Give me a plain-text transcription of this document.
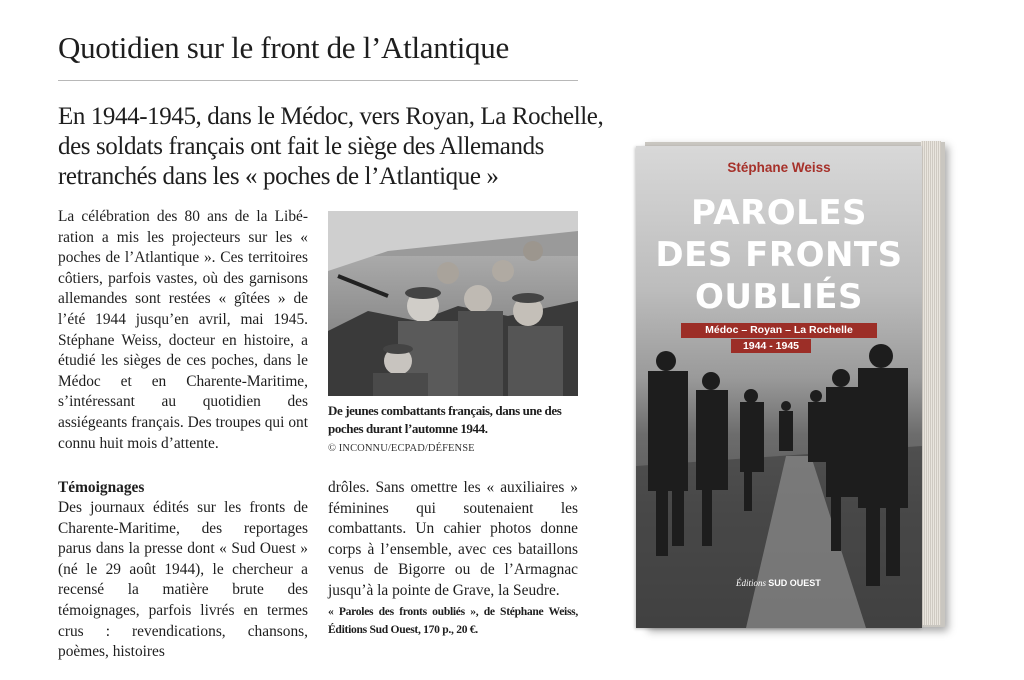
Quotidien sur le front de l’Atlantique

En 1944-1945, dans le Médoc, vers Royan, La Rochelle,
des soldats français ont fait le siège des Allemands
retranchés dans les « poches de l’Atlantique »

La célébration des 80 ans de la Libération a mis les projecteurs sur les « poches de l’Atlantique ». Ces territoires côtiers, parfois vastes, où des garnisons allemandes sont restées « gîtées » de l’été 1944 jusqu’en avril, mai 1945. Stéphane Weiss, docteur en histoire, a étudié les sièges de ces poches, dans le Médoc et en Charente-Maritime, s’intéressant au quotidien des assiégeants français. Des troupes qui ont connu huit mois d’attente.

De jeunes combattants français, dans une des poches durant l’automne 1944.
© INCONNU/ECPAD/DÉFENSE
Témoignages

Des journaux édités sur les fronts de Charente-Maritime, des reportages parus dans la presse dont « Sud Ouest » (né le 29 août 1944), le chercheur a recensé la matière brute des témoignages, parfois livrés en termes crus : revendications, chansons, poèmes, histoires

drôles. Sans omettre les « auxiliaires » féminines qui soutenaient les combattants. Un cahier photos donne corps à l’ensemble, avec ces bataillons venus de Bigorre ou de l’Armagnac jusqu’à la pointe de Grave, la Seudre.

« Paroles des fronts oubliés », de Stéphane Weiss, Éditions Sud Ouest, 170 p., 20 €.
Stéphane Weiss
PAROLES
DES FRONTS
OUBLIÉS
Médoc – Royan – La Rochelle
1944 - 1945
Éditions SUD OUEST
